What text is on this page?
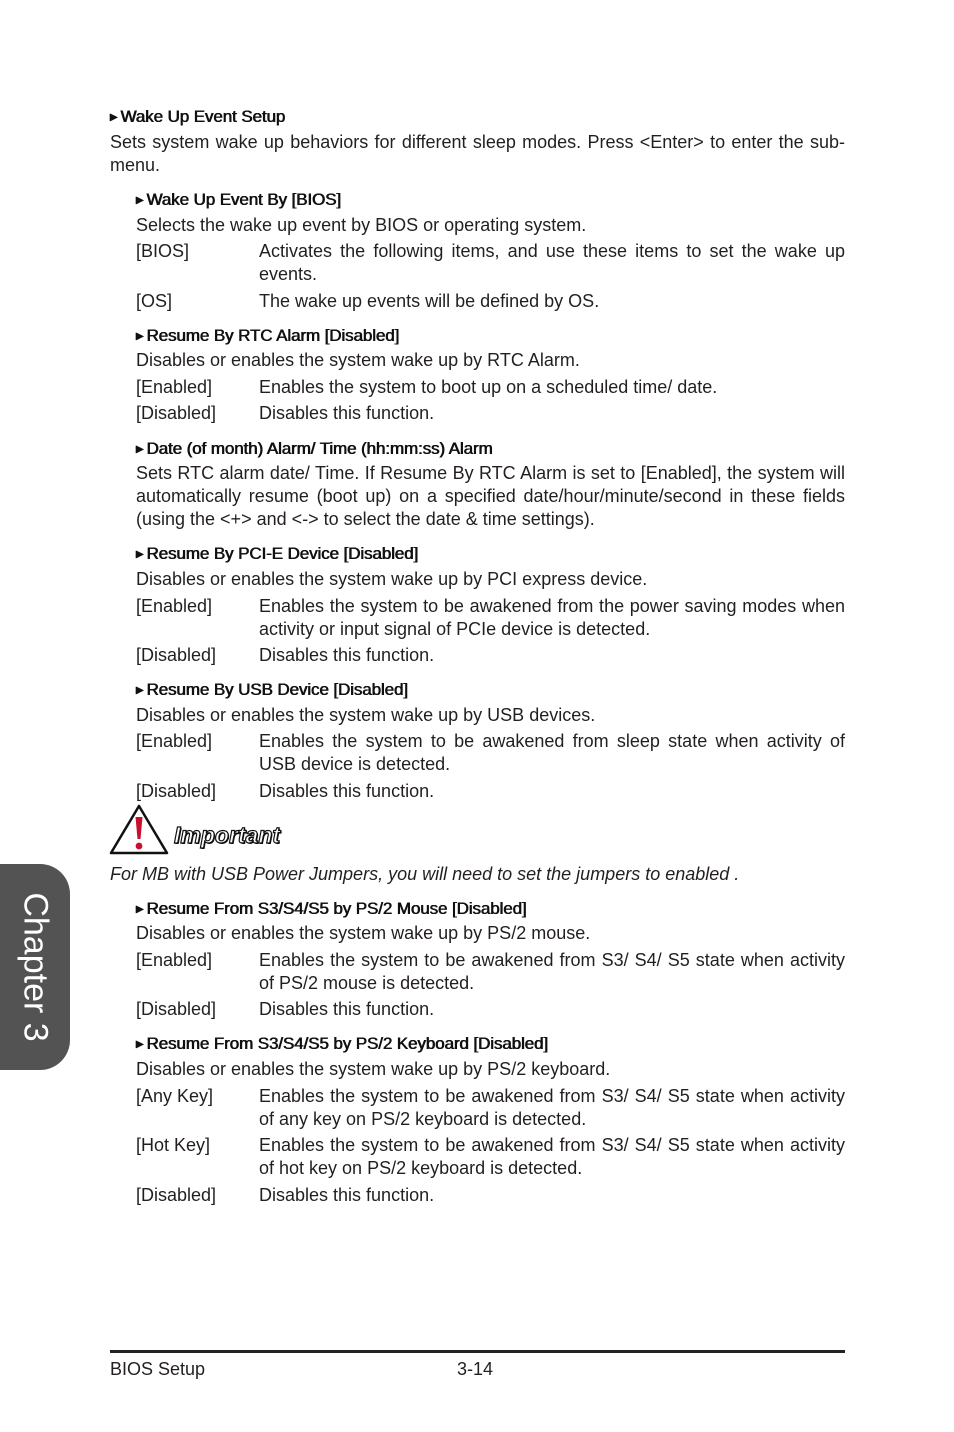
▶ Wake Up Event Setup
Sets system wake up behaviors for different sleep modes. Press <Enter> to enter the sub-menu.
▶ Wake Up Event By [BIOS]
Selects the wake up event by BIOS or operating system.
[BIOS]	Activates the following items, and use these items to set the wake up events.
[OS]	The wake up events will be defined by OS.
▶ Resume By RTC Alarm [Disabled]
Disables or enables the system wake up by RTC Alarm.
[Enabled]	Enables the system to boot up on a scheduled time/ date.
[Disabled] Disables this function.
▶ Date (of month) Alarm/ Time (hh:mm:ss) Alarm
Sets RTC alarm date/ Time. If Resume By RTC Alarm is set to [Enabled], the system will automatically resume (boot up) on a specified date/hour/minute/second in these fields (using the <+> and <-> to select the date & time settings).
▶ Resume By PCI-E Device [Disabled]
Disables or enables the system wake up by PCI express device.
[Enabled]	Enables the system to be awakened from the power saving modes when activity or input signal of PCIe device is detected.
[Disabled] Disables this function.
▶ Resume By USB Device [Disabled]
Disables or enables the system wake up by USB devices.
[Enabled]	Enables the system to be awakened from sleep state when activity of USB device is detected.
[Disabled] Disables this function.
Important
For MB with USB Power Jumpers, you will need to set the jumpers to enabled .
▶ Resume From S3/S4/S5 by PS/2 Mouse [Disabled]
Disables or enables the system wake up by PS/2 mouse.
[Enabled]	Enables the system to be awakened from S3/ S4/ S5 state when activity of PS/2 mouse is detected.
[Disabled] Disables this function.
▶ Resume From S3/S4/S5 by PS/2 Keyboard [Disabled]
Disables or enables the system wake up by PS/2 keyboard.
[Any Key]	Enables the system to be awakened from S3/ S4/ S5 state when activity of any key on PS/2 keyboard is detected.
[Hot Key]	Enables the system to be awakened from S3/ S4/ S5 state when activity of hot key on PS/2 keyboard is detected.
[Disabled] Disables this function.
Chapter 3
BIOS Setup	3-14
